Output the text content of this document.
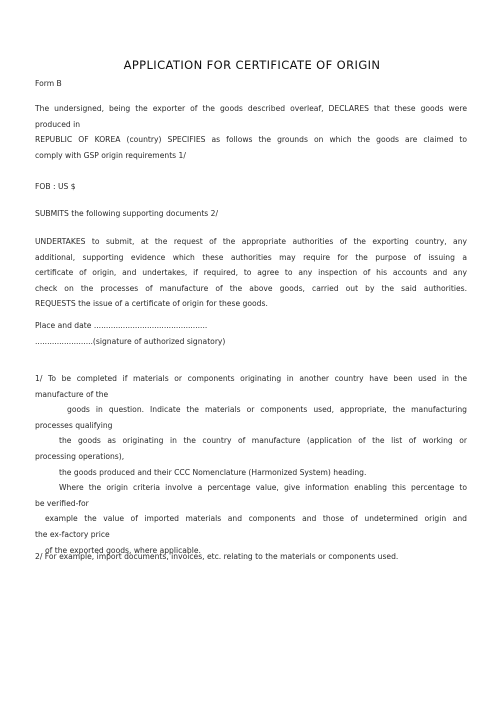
APPLICATION FOR CERTIFICATE OF ORIGIN
Form B
The undersigned, being the exporter of the goods described overleaf, DECLARES that these goods were
produced in
REPUBLIC OF KOREA (country) SPECIFIES as follows the grounds on which the goods are claimed to
comply with GSP origin requirements 1/
FOB : US $
SUBMITS the following supporting documents 2/
UNDERTAKES to submit, at the request of the appropriate authorities of the exporting country, any
additional, supporting evidence which these authorities may require for the purpose of issuing a
certificate of origin, and undertakes, if required, to agree to any inspection of his accounts and any
check on the processes of manufacture of the above goods, carried out by the said authorities.
REQUESTS the issue of a certificate of origin for these goods.
Place and date ...............................................
........................(signature of authorized signatory)
1/ To be completed if materials or components originating in another country have been used in the
manufacture of the
goods in question. Indicate the materials or components used, appropriate, the manufacturing
processes qualifying
the goods as originating in the country of manufacture (application of the list of working or
processing operations),
the goods produced and their CCC Nomenclature (Harmonized System) heading.
Where the origin criteria involve a percentage value, give information enabling this percentage to
be verified-for
example the value of imported materials and components and those of undetermined origin and
the ex-factory price
of the exported goods, where applicable.
2/ For example, import documents, invoices, etc. relating to the materials or components used.
